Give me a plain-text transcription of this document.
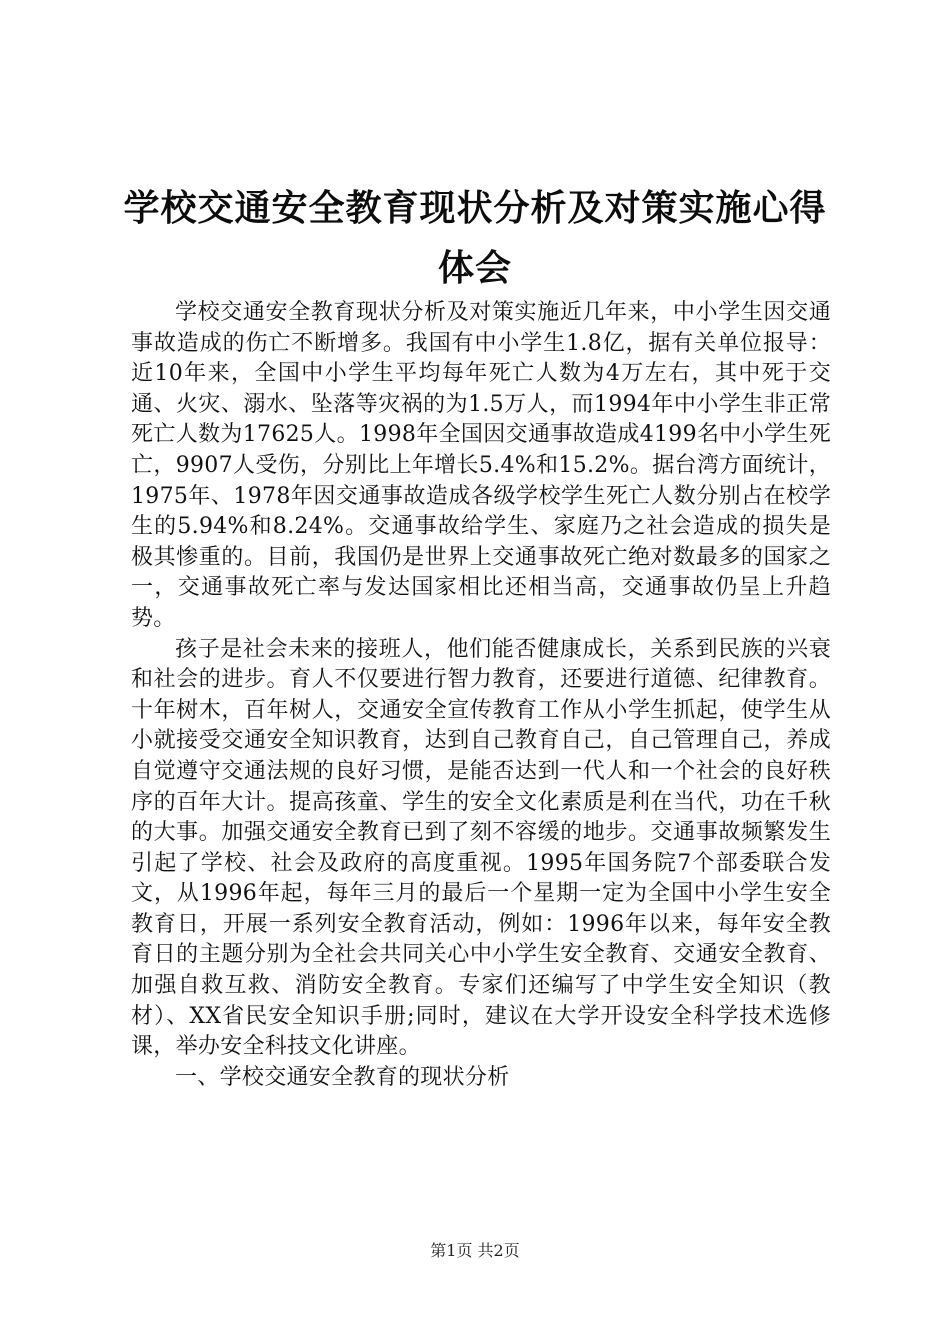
学校交通安全教育现状分析及对策实施心得体会

学校交通安全教育现状分析及对策实施近几年来，中小学生因交通事故造成的伤亡不断增多。我国有中小学生1.8亿，据有关单位报导：近10年来，全国中小学生平均每年死亡人数为4万左右，其中死于交通、火灾、溺水、坠落等灾祸的为1.5万人，而1994年中小学生非正常死亡人数为17625人。1998年全国因交通事故造成4199名中小学生死亡，9907人受伤，分别比上年增长5.4%和15.2%。据台湾方面统计，1975年、1978年因交通事故造成各级学校学生死亡人数分别占在校学生的5.94%和8.24%。交通事故给学生、家庭乃之社会造成的损失是极其惨重的。目前，我国仍是世界上交通事故死亡绝对数最多的国家之一，交通事故死亡率与发达国家相比还相当高，交通事故仍呈上升趋势。

孩子是社会未来的接班人，他们能否健康成长，关系到民族的兴衰和社会的进步。育人不仅要进行智力教育，还要进行道德、纪律教育。十年树木，百年树人，交通安全宣传教育工作从小学生抓起，使学生从小就接受交通安全知识教育，达到自己教育自己，自己管理自己，养成自觉遵守交通法规的良好习惯，是能否达到一代人和一个社会的良好秩序的百年大计。提高孩童、学生的安全文化素质是利在当代，功在千秋的大事。加强交通安全教育已到了刻不容缓的地步。交通事故频繁发生引起了学校、社会及政府的高度重视。1995年国务院7个部委联合发文，从1996年起，每年三月的最后一个星期一定为全国中小学生安全教育日，开展一系列安全教育活动，例如：1996年以来，每年安全教育日的主题分别为全社会共同关心中小学生安全教育、交通安全教育、加强自救互救、消防安全教育。专家们还编写了中学生安全知识（教材）、XX省民安全知识手册;同时，建议在大学开设安全科学技术选修课，举办安全科技文化讲座。

一、学校交通安全教育的现状分析

第1页 共2页
